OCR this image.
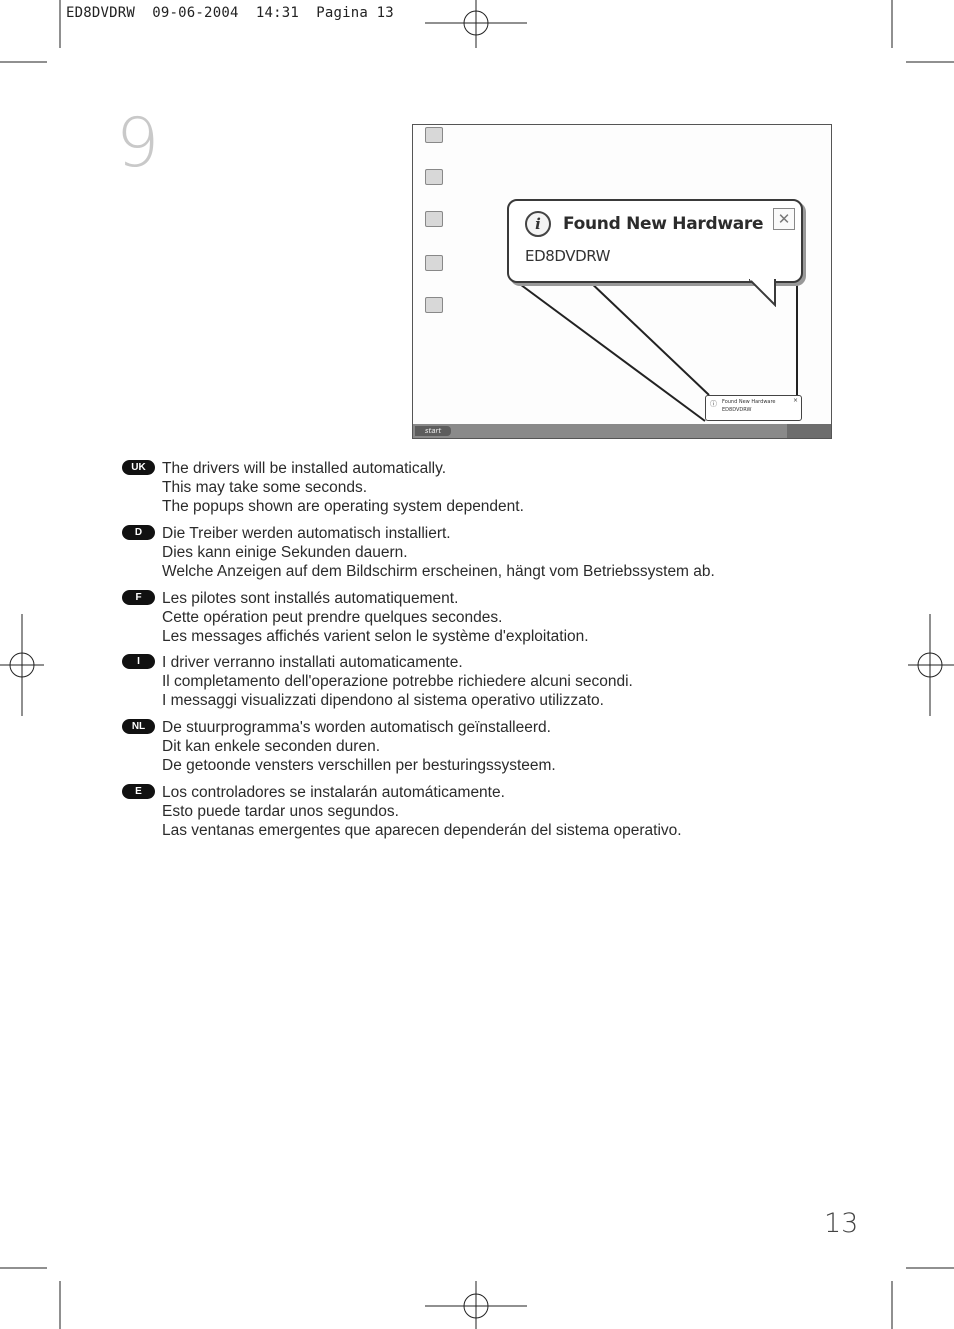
ED8DVDRW  09-06-2004  14:31  Pagina 13
9

ⓘ Found New Hardware
ED8DVDRW
×
i	Found New Hardware
ED8DVDRW
✕
start
UK	The drivers will be installed automatically.
This may take some seconds.
The popups shown are operating system dependent.
D	Die Treiber werden automatisch installiert.
Dies kann einige Sekunden dauern.
Welche Anzeigen auf dem Bildschirm erscheinen, hängt vom Betriebssystem ab.
F	Les pilotes sont installés automatiquement.
Cette opération peut prendre quelques secondes.
Les messages affichés varient selon le système d'exploitation.
I	I driver verranno installati automaticamente.
Il completamento dell'operazione potrebbe richiedere alcuni secondi.
I messaggi visualizzati dipendono al sistema operativo utilizzato.
NL	De stuurprogramma's worden automatisch geïnstalleerd.
Dit kan enkele seconden duren.
De getoonde vensters verschillen per besturingssysteem.
E	Los controladores se instalarán automáticamente.
Esto puede tardar unos segundos.
Las ventanas emergentes que aparecen dependerán del sistema operativo.
13
